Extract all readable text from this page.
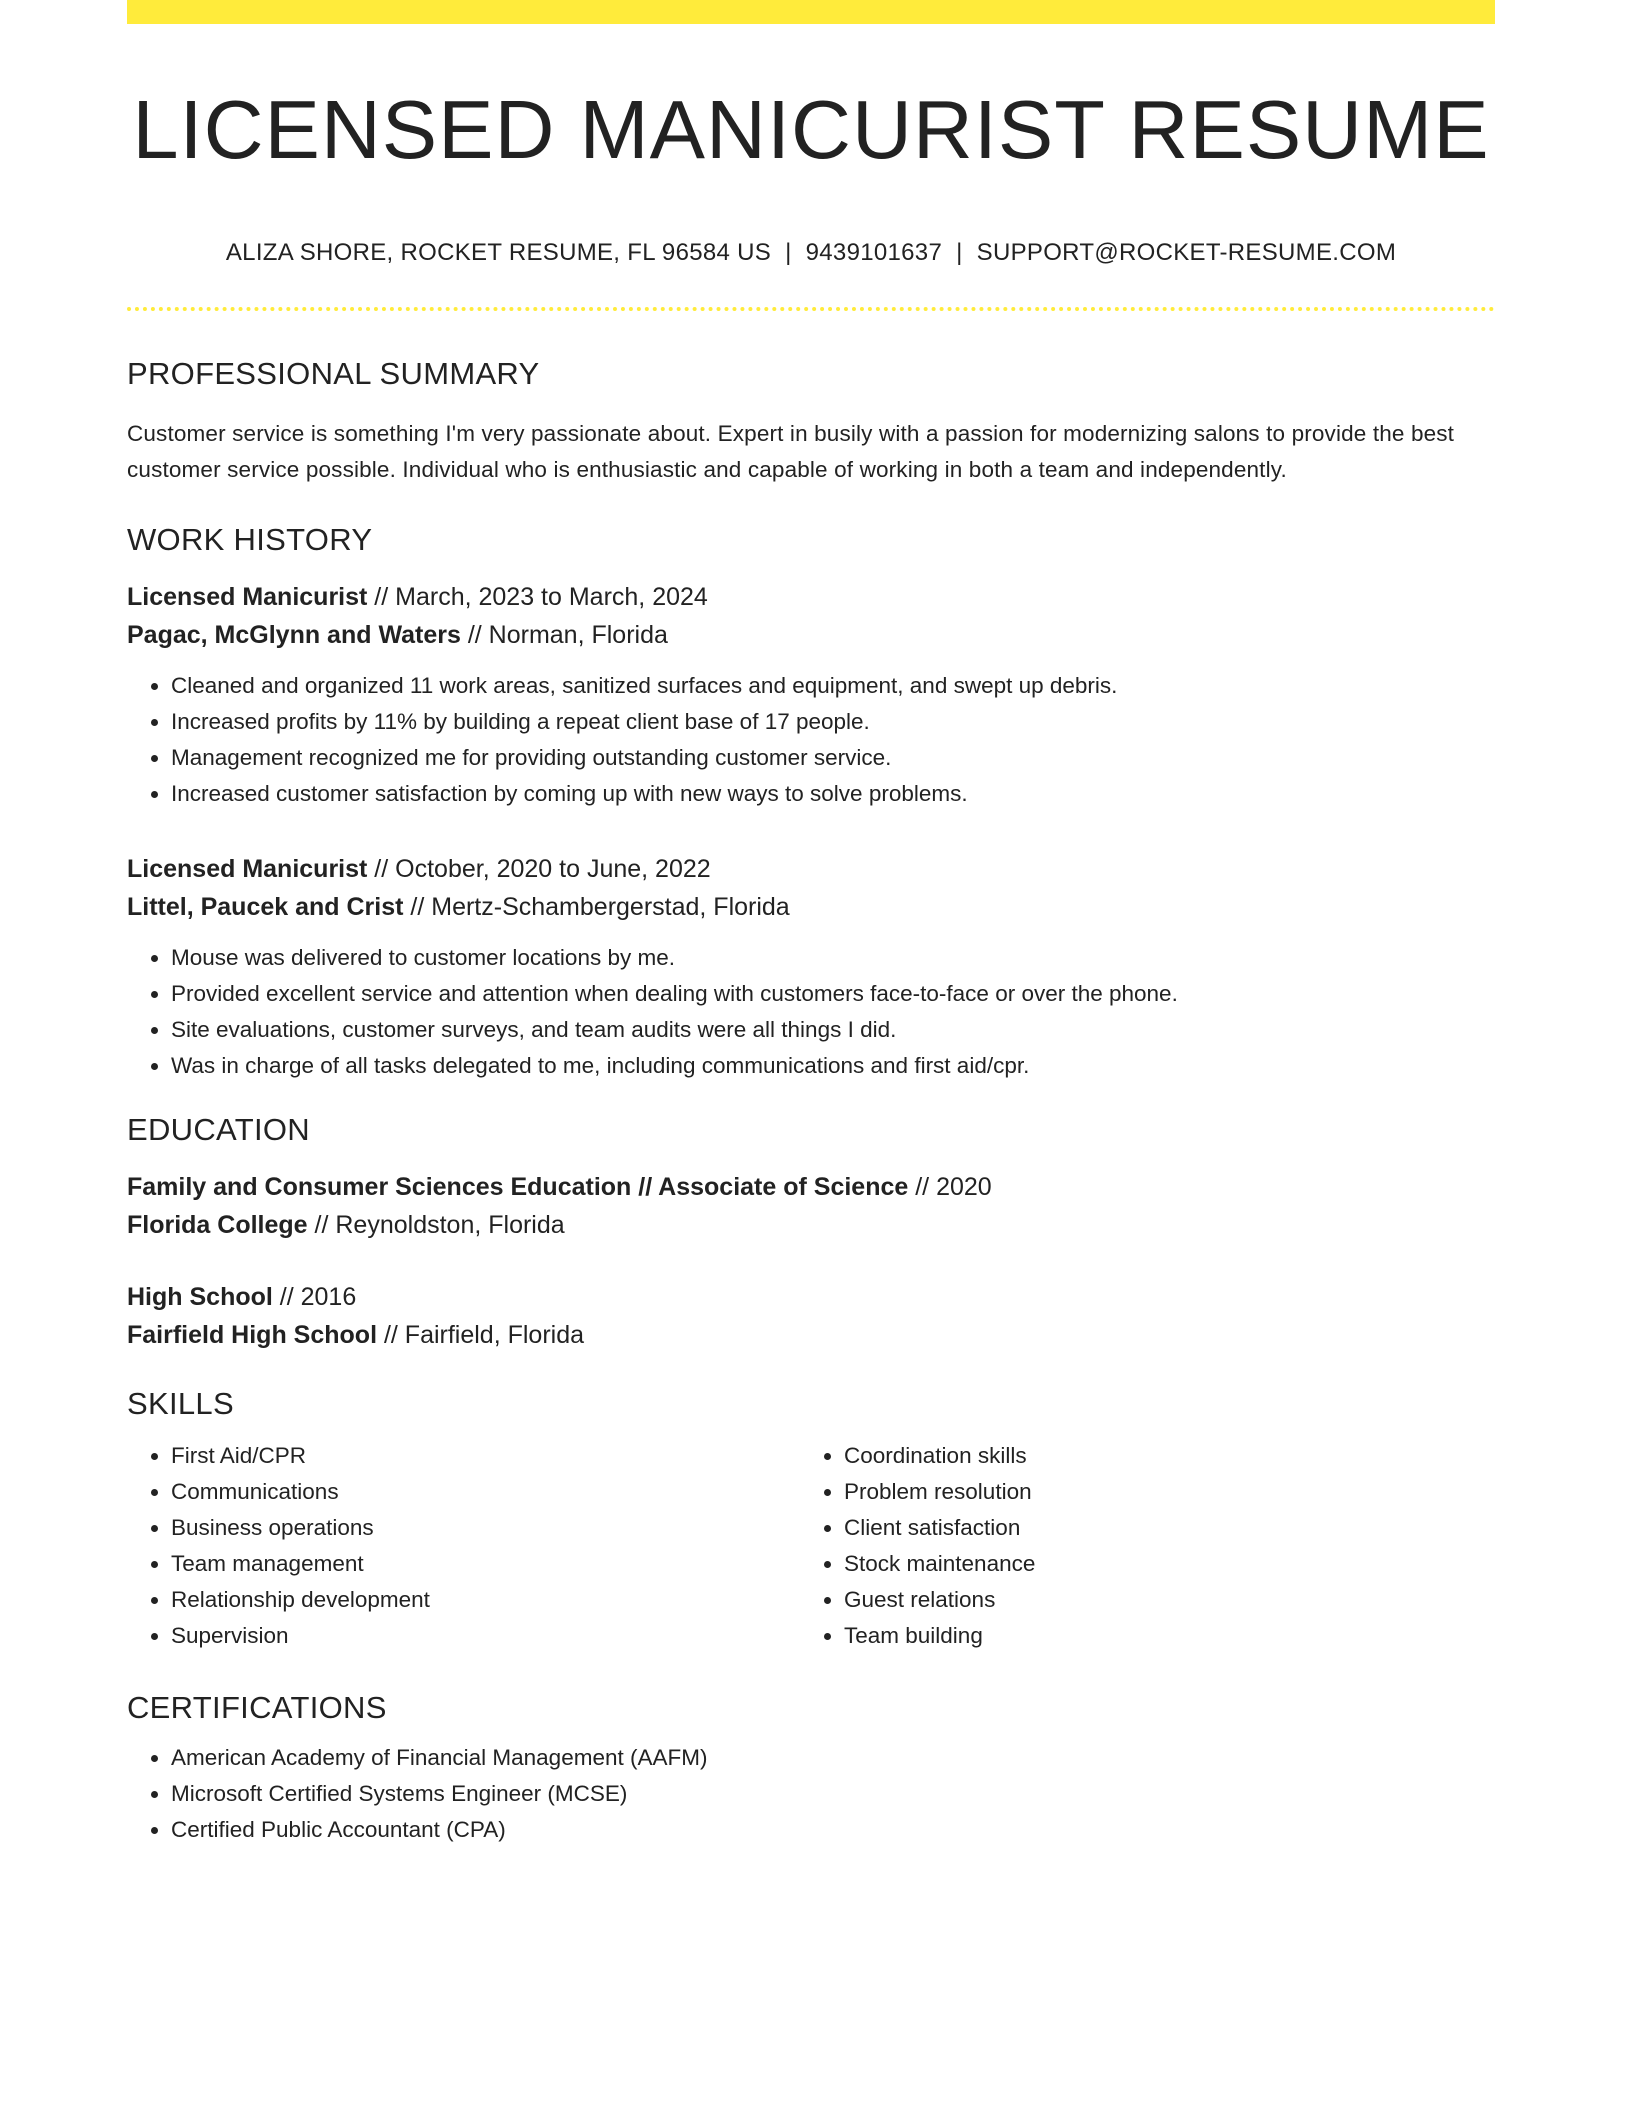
LICENSED MANICURIST RESUME
ALIZA SHORE, ROCKET RESUME, FL 96584 US | 9439101637 | SUPPORT@ROCKET-RESUME.COM
PROFESSIONAL SUMMARY

Customer service is something I'm very passionate about. Expert in busily with a passion for modernizing salons to provide the best customer service possible. Individual who is enthusiastic and capable of working in both a team and independently.

WORK HISTORY
Licensed Manicurist // March, 2023 to March, 2024
Pagac, McGlynn and Waters // Norman, Florida
• Cleaned and organized 11 work areas, sanitized surfaces and equipment, and swept up debris.
• Increased profits by 11% by building a repeat client base of 17 people.
• Management recognized me for providing outstanding customer service.
• Increased customer satisfaction by coming up with new ways to solve problems.
Licensed Manicurist // October, 2020 to June, 2022
Littel, Paucek and Crist // Mertz-Schambergerstad, Florida
• Mouse was delivered to customer locations by me.
• Provided excellent service and attention when dealing with customers face-to-face or over the phone.
• Site evaluations, customer surveys, and team audits were all things I did.
• Was in charge of all tasks delegated to me, including communications and first aid/cpr.
EDUCATION
Family and Consumer Sciences Education // Associate of Science // 2020
Florida College // Reynoldston, Florida
High School // 2016
Fairfield High School // Fairfield, Florida
SKILLS
• First Aid/CPR
• Communications
• Business operations
• Team management
• Relationship development
• Supervision
• Coordination skills
• Problem resolution
• Client satisfaction
• Stock maintenance
• Guest relations
• Team building
CERTIFICATIONS
• American Academy of Financial Management (AAFM)
• Microsoft Certified Systems Engineer (MCSE)
• Certified Public Accountant (CPA)
